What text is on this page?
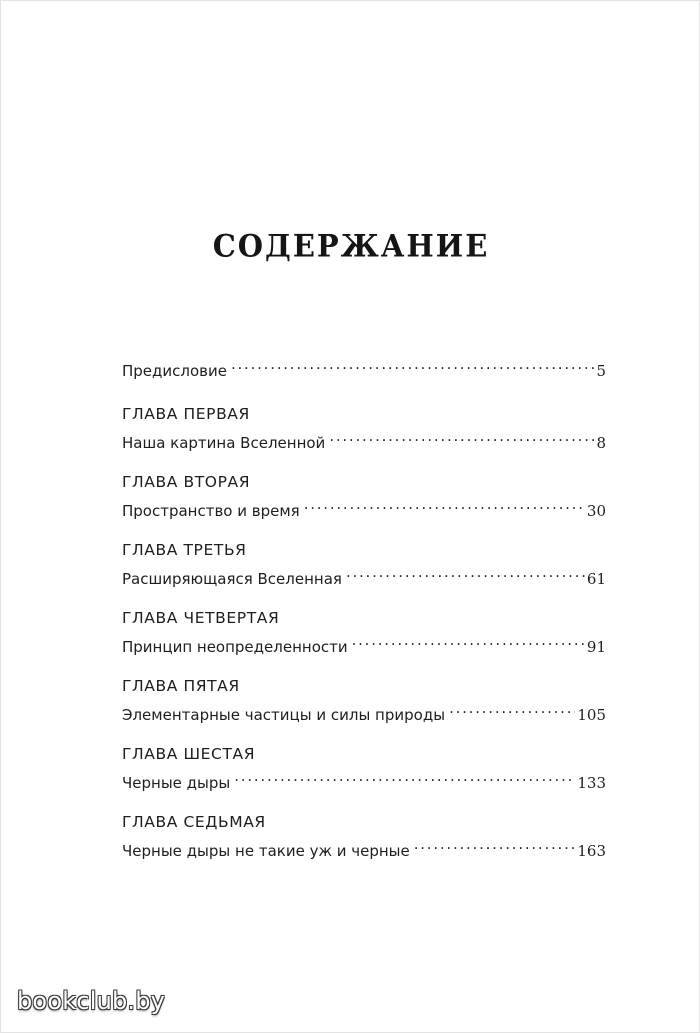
СОДЕРЖАНИЕ
Предисловие . . .	5
ГЛАВА ПЕРВАЯ
Наша картина Вселенной . . .	8
ГЛАВА ВТОРАЯ
Пространство и время . . .	30
ГЛАВА ТРЕТЬЯ
Расширяющаяся Вселенная . . .	61
ГЛАВА ЧЕТВЕРТАЯ
Принцип неопределенности . . .	91
ГЛАВА ПЯТАЯ
Элементарные частицы и силы природы . . .	105
ГЛАВА ШЕСТАЯ
Черные дыры . . .	133
ГЛАВА СЕДЬМАЯ
Черные дыры не такие уж и черные . . .	163
bookclub.by
